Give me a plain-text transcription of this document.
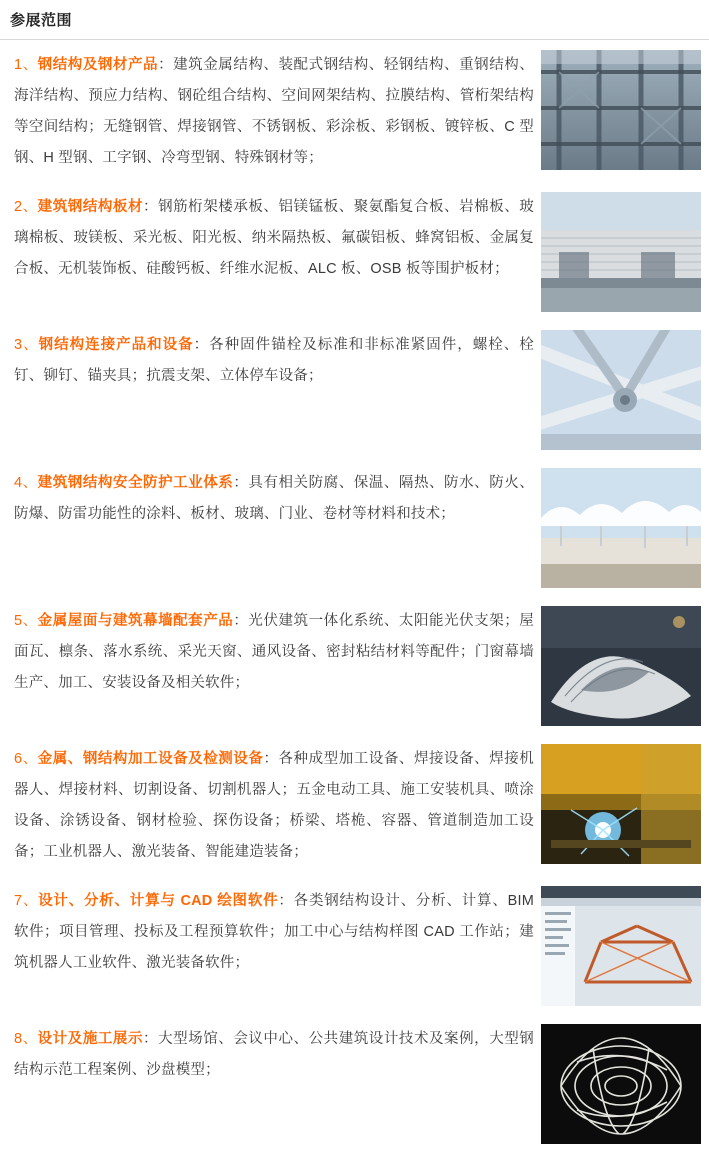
参展范围
1、钢结构及钢材产品：建筑金属结构、装配式钢结构、轻钢结构、重钢结构、海洋结构、预应力结构、钢砼组合结构、空间网架结构、拉膜结构、管桁架结构等空间结构；无缝钢管、焊接钢管、不锈钢板、彩涂板、彩钢板、镀锌板、C 型钢、H 型钢、工字钢、冷弯型钢、特殊钢材等；
2、建筑钢结构板材：钢筋桁架楼承板、铝镁锰板、聚氨酯复合板、岩棉板、玻璃棉板、玻镁板、采光板、阳光板、纳米隔热板、氟碳铝板、蜂窝铝板、金属复合板、无机装饰板、硅酸钙板、纤维水泥板、ALC 板、OSB 板等围护板材；
3、钢结构连接产品和设备：各种固件锚栓及标准和非标准紧固件，螺栓、栓钉、铆钉、锚夹具；抗震支架、立体停车设备；
4、建筑钢结构安全防护工业体系：具有相关防腐、保温、隔热、防水、防火、防爆、防雷功能性的涂料、板材、玻璃、门业、卷材等材料和技术；
5、金属屋面与建筑幕墙配套产品：光伏建筑一体化系统、太阳能光伏支架；屋面瓦、檩条、落水系统、采光天窗、通风设备、密封粘结材料等配件；门窗幕墙生产、加工、安装设备及相关软件；
6、金属、钢结构加工设备及检测设备：各种成型加工设备、焊接设备、焊接机器人、焊接材料、切割设备、切割机器人；五金电动工具、施工安装机具、喷涂设备、涂锈设备、钢材检验、探伤设备；桥梁、塔桅、容器、管道制造加工设备；工业机器人、激光装备、智能建造装备；
7、设计、分析、计算与 CAD 绘图软件：各类钢结构设计、分析、计算、BIM 软件；项目管理、投标及工程预算软件；加工中心与结构样图 CAD 工作站；建筑机器人工业软件、激光装备软件；
8、设计及施工展示：大型场馆、会议中心、公共建筑设计技术及案例，大型钢结构示范工程案例、沙盘模型；
